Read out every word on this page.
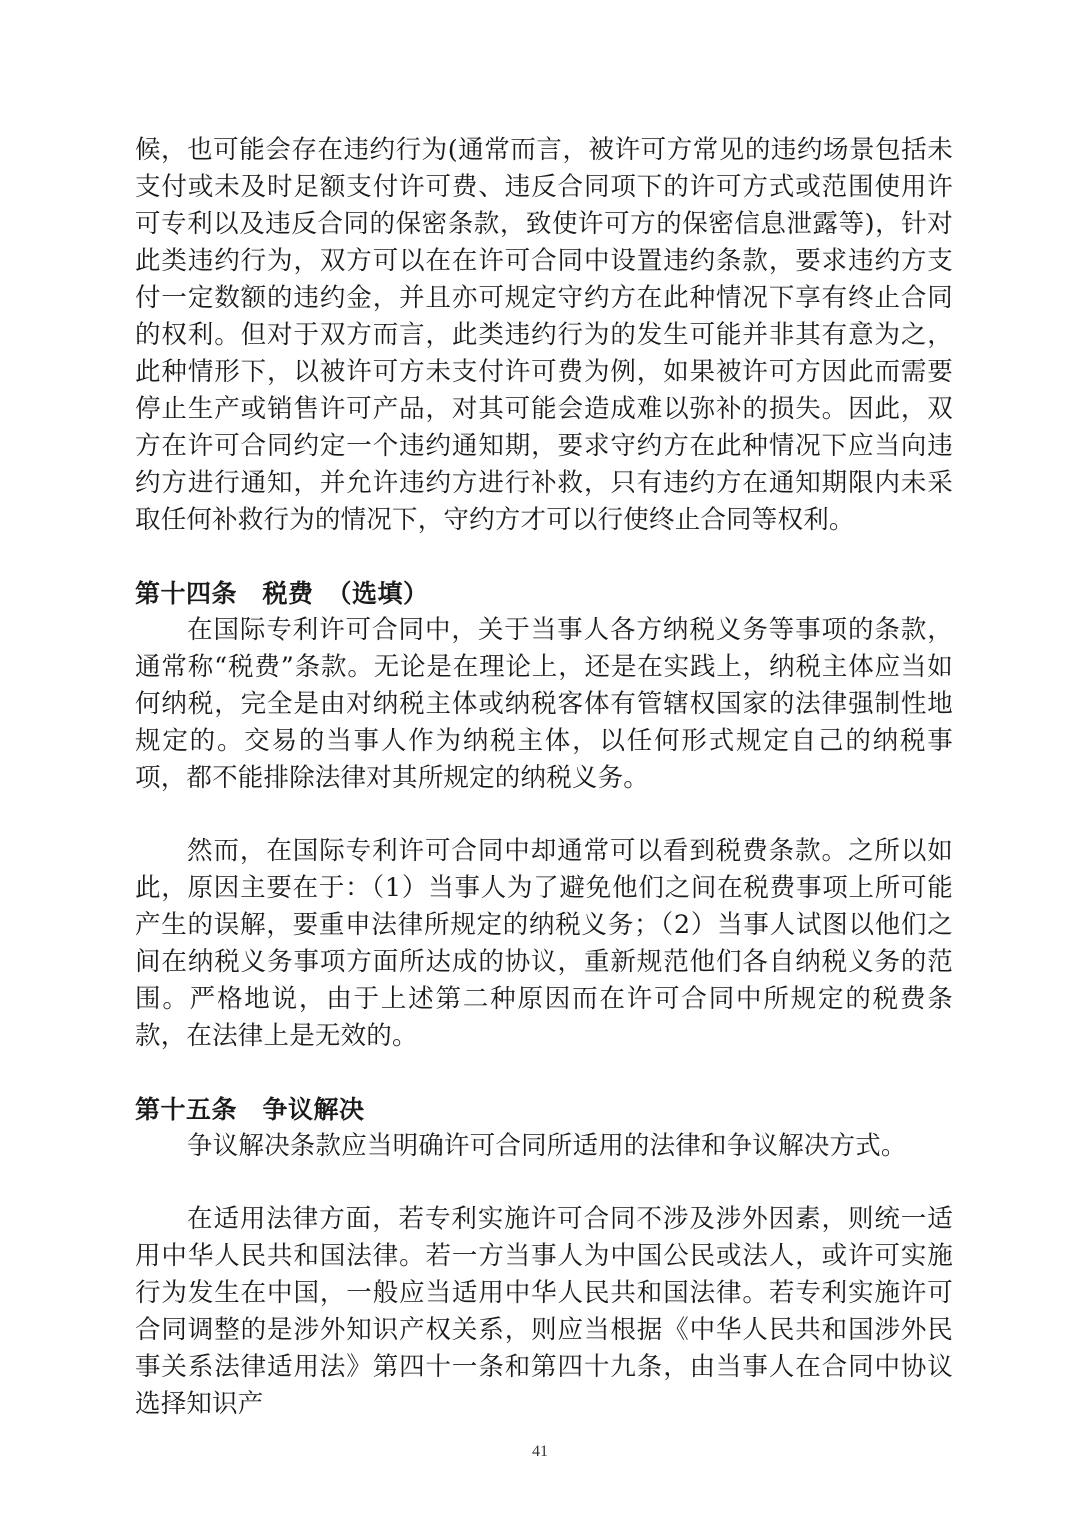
候，也可能会存在违约行为(通常而言，被许可方常见的违约场景包括未支付或未及时足额支付许可费、违反合同项下的许可方式或范围使用许可专利以及违反合同的保密条款，致使许可方的保密信息泄露等)，针对此类违约行为，双方可以在在许可合同中设置违约条款，要求违约方支付一定数额的违约金，并且亦可规定守约方在此种情况下享有终止合同的权利。但对于双方而言，此类违约行为的发生可能并非其有意为之，此种情形下，以被许可方未支付许可费为例，如果被许可方因此而需要停止生产或销售许可产品，对其可能会造成难以弥补的损失。因此，双方在许可合同约定一个违约通知期，要求守约方在此种情况下应当向违约方进行通知，并允许违约方进行补救，只有违约方在通知期限内未采取任何补救行为的情况下，守约方才可以行使终止合同等权利。

第十四条　税费　（选填）

在国际专利许可合同中，关于当事人各方纳税义务等事项的条款，通常称“税费”条款。无论是在理论上，还是在实践上，纳税主体应当如何纳税，完全是由对纳税主体或纳税客体有管辖权国家的法律强制性地规定的。交易的当事人作为纳税主体，以任何形式规定自己的纳税事项，都不能排除法律对其所规定的纳税义务。

然而，在国际专利许可合同中却通常可以看到税费条款。之所以如此，原因主要在于：（1）当事人为了避免他们之间在税费事项上所可能产生的误解，要重申法律所规定的纳税义务；（2）当事人试图以他们之间在纳税义务事项方面所达成的协议，重新规范他们各自纳税义务的范围。严格地说，由于上述第二种原因而在许可合同中所规定的税费条款，在法律上是无效的。

第十五条　争议解决

争议解决条款应当明确许可合同所适用的法律和争议解决方式。

在适用法律方面，若专利实施许可合同不涉及涉外因素，则统一适用中华人民共和国法律。若一方当事人为中国公民或法人，或许可实施行为发生在中国，一般应当适用中华人民共和国法律。若专利实施许可合同调整的是涉外知识产权关系，则应当根据《中华人民共和国涉外民事关系法律适用法》第四十一条和第四十九条，由当事人在合同中协议选择知识产

41
